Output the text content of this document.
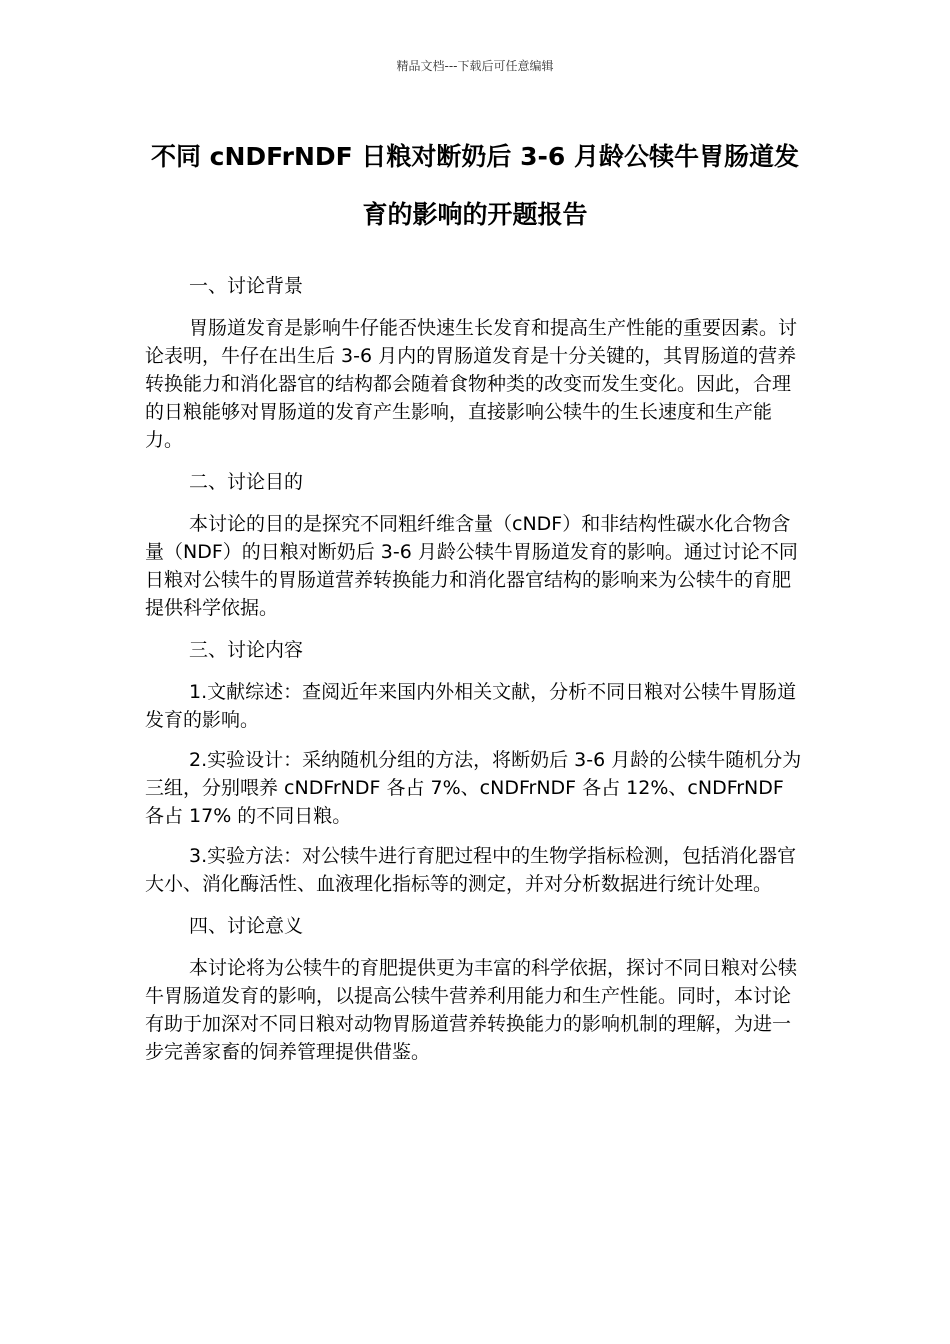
精品文档---下载后可任意编辑
不同 cNDFrNDF 日粮对断奶后 3-6 月龄公犊牛胃肠道发育的影响的开题报告

一、讨论背景

胃肠道发育是影响牛仔能否快速生长发育和提高生产性能的重要因素。讨论表明，牛仔在出生后 3-6 月内的胃肠道发育是十分关键的，其胃肠道的营养转换能力和消化器官的结构都会随着食物种类的改变而发生变化。因此，合理的日粮能够对胃肠道的发育产生影响，直接影响公犊牛的生长速度和生产能力。

二、讨论目的

本讨论的目的是探究不同粗纤维含量（cNDF）和非结构性碳水化合物含量（NDF）的日粮对断奶后 3-6 月龄公犊牛胃肠道发育的影响。通过讨论不同日粮对公犊牛的胃肠道营养转换能力和消化器官结构的影响来为公犊牛的育肥提供科学依据。

三、讨论内容

1.文献综述：查阅近年来国内外相关文献，分析不同日粮对公犊牛胃肠道发育的影响。

2.实验设计：采纳随机分组的方法，将断奶后 3-6 月龄的公犊牛随机分为三组，分别喂养 cNDFrNDF 各占 7%、cNDFrNDF 各占 12%、cNDFrNDF 各占 17% 的不同日粮。

3.实验方法：对公犊牛进行育肥过程中的生物学指标检测，包括消化器官大小、消化酶活性、血液理化指标等的测定，并对分析数据进行统计处理。

四、讨论意义

本讨论将为公犊牛的育肥提供更为丰富的科学依据，探讨不同日粮对公犊牛胃肠道发育的影响，以提高公犊牛营养利用能力和生产性能。同时，本讨论有助于加深对不同日粮对动物胃肠道营养转换能力的影响机制的理解，为进一步完善家畜的饲养管理提供借鉴。
